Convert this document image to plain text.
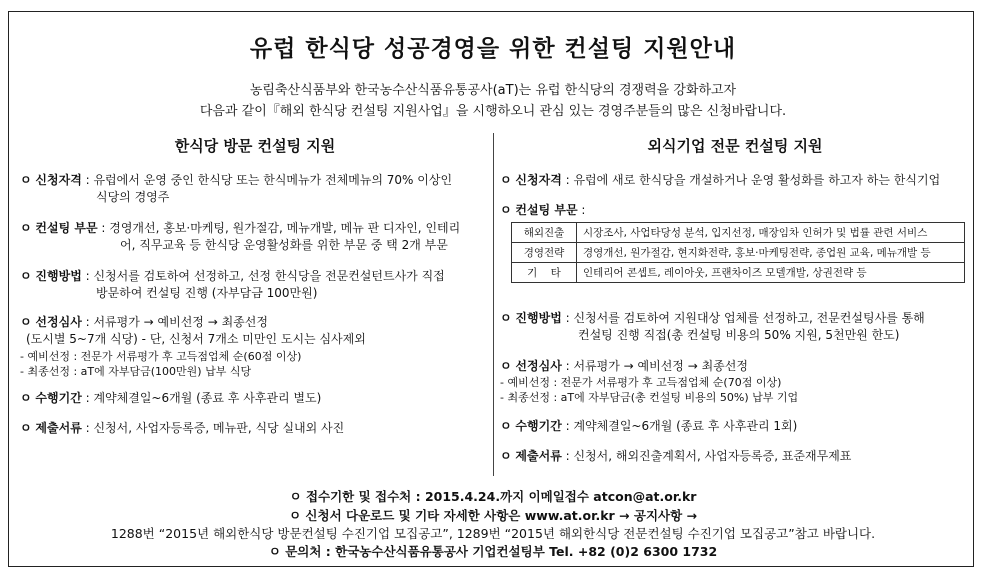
유럽 한식당 성공경영을 위한 컨설팅 지원안내
농림축산식품부와 한국농수산식품유통공사(aT)는 유럽 한식당의 경쟁력을 강화하고자
다음과 같이『해외 한식당 컨설팅 지원사업』을 시행하오니 관심 있는 경영주분들의 많은 신청바랍니다.
한식당 방문 컨설팅 지원
ㅇ 신청자격 : 유럽에서 운영 중인 한식당 또는 한식메뉴가 전체메뉴의 70% 이상인
식당의 경영주
ㅇ 컨설팅 부문 : 경영개선, 홍보·마케팅, 원가절감, 메뉴개발, 메뉴 판 디자인, 인테리
어, 직무교육 등 한식당 운영활성화를 위한 부문 중 택 2개 부문
ㅇ 진행방법 : 신청서를 검토하여 선정하고, 선정 한식당을 전문컨설턴트사가 직접
방문하여 컨설팅 진행 (자부담금 100만원)
ㅇ 선정심사 : 서류평가 → 예비선정 → 최종선정
(도시별 5~7개 식당) - 단, 신청서 7개소 미만인 도시는 심사제외
- 예비선정 : 전문가 서류평가 후 고득점업체 순(60점 이상)
- 최종선정 : aT에 자부담금(100만원) 납부 식당
ㅇ 수행기간 : 계약체결일~6개월 (종료 후 사후관리 별도)
ㅇ 제출서류 : 신청서, 사업자등록증, 메뉴판, 식당 실내외 사진
외식기업 전문 컨설팅 지원
ㅇ 신청자격 : 유럽에 새로 한식당을 개설하거나 운영 활성화를 하고자 하는 한식기업
ㅇ 컨설팅 부문 :
해외진출	시장조사, 사업타당성 분석, 입지선정, 매장임차 인허가 및 법률 관련 서비스
경영전략	경영개선, 원가절감, 현지화전략, 홍보·마케팅전략, 종업원 교육, 메뉴개발 등
기    타	인테리어 콘셉트, 레이아웃, 프랜차이즈 모델개발, 상권전략 등
ㅇ 진행방법 : 신청서를 검토하여 지원대상 업체를 선정하고, 전문컨설팅사를 통해
컨설팅 진행 직접(총 컨설팅 비용의 50% 지원, 5천만원 한도)
ㅇ 선정심사 : 서류평가 → 예비선정 → 최종선정
- 예비선정 : 전문가 서류평가 후 고득점업체 순(70점 이상)
- 최종선정 : aT에 자부담금(총 컨설팅 비용의 50%) 납부 기업
ㅇ 수행기간 : 계약체결일~6개월 (종료 후 사후관리 1회)
ㅇ 제출서류 : 신청서, 해외진출계획서, 사업자등록증, 표준재무제표
ㅇ 접수기한 및 접수처 : 2015.4.24.까지 이메일접수 atcon@at.or.kr
ㅇ 신청서 다운로드 및 기타 자세한 사항은 www.at.or.kr → 공지사항 →
1288번 “2015년 해외한식당 방문컨설팅 수진기업 모집공고”, 1289번 “2015년 해외한식당 전문컨설팅 수진기업 모집공고”참고 바랍니다.
ㅇ 문의처 : 한국농수산식품유통공사 기업컨설팅부 Tel. +82 (0)2 6300 1732
